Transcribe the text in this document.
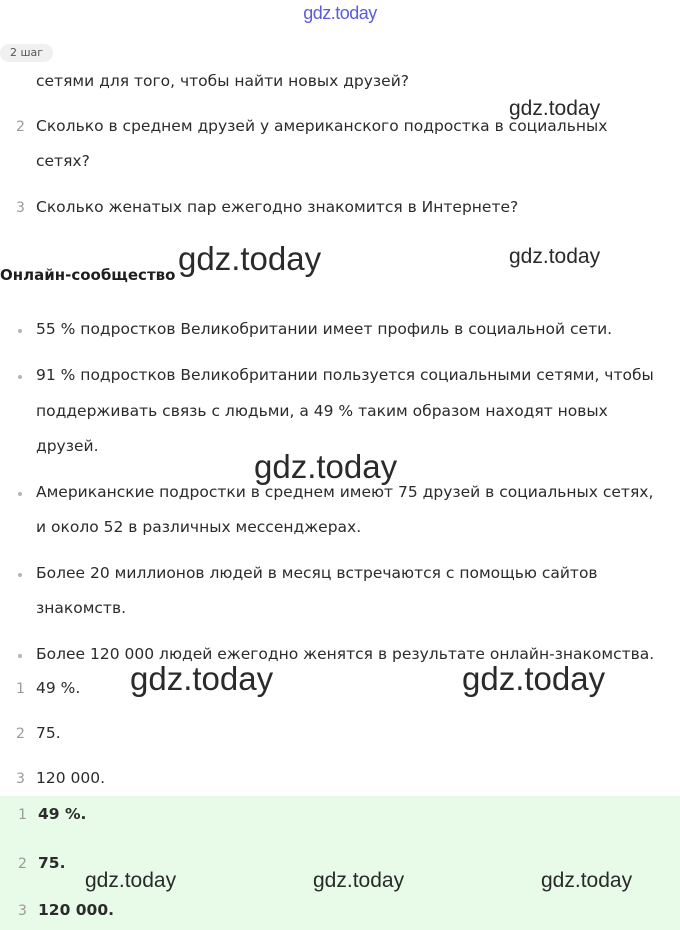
gdz.today
2 шаг
сетями для того, чтобы найти новых друзей?
2 Сколько в среднем друзей у американского подростка в социальных
сетях?
3 Сколько женатых пар ежегодно знакомится в Интернете?
Онлайн-сообщество
55 % подростков Великобритании имеет профиль в социальной сети.
91 % подростков Великобритании пользуется социальными сетями, чтобы
поддерживать связь с людьми, а 49 % таким образом находят новых
друзей.
Американские подростки в среднем имеют 75 друзей в социальных сетях,
и около 52 в различных мессенджерах.
Более 20 миллионов людей в месяц встречаются с помощью сайтов
знакомств.
Более 120 000 людей ежегодно женятся в результате онлайн-знакомства.
1 49 %.
2 75.
3 120 000.
1 49 %.
2 75.
3 120 000.
gdz.today
gdz.today	gdz.today
gdz.today
gdz.today	gdz.today
gdz.today	gdz.today	gdz.today
